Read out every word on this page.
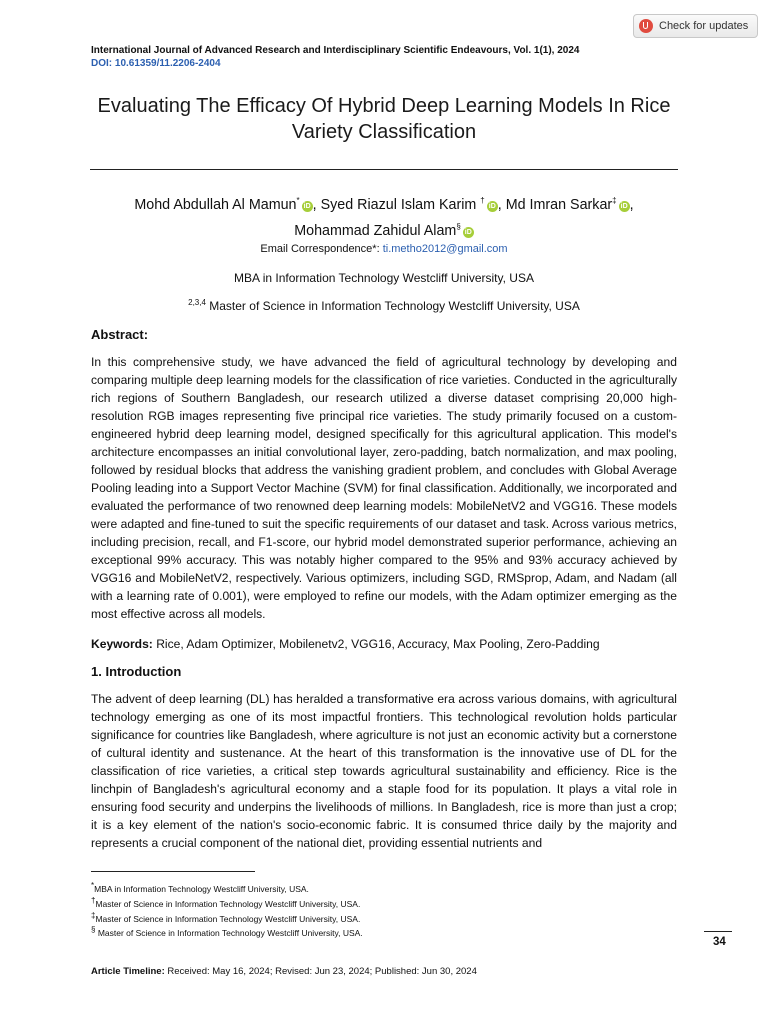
Check for updates
International Journal of Advanced Research and Interdisciplinary Scientific Endeavours, Vol. 1(1), 2024
DOI: 10.61359/11.2206-2404
Evaluating The Efficacy Of Hybrid Deep Learning Models In Rice Variety Classification
Mohd Abdullah Al Mamun*iD , Syed Riazul Islam Karim †iD , Md Imran Sarkar‡iD ,
Mohammad Zahidul Alam§iD
Email Correspondence*: ti.metho2012@gmail.com
MBA in Information Technology Westcliff University, USA
$^{2,3,4}$ Master of Science in Information Technology Westcliff University, USA
Abstract:
In this comprehensive study, we have advanced the field of agricultural technology by developing and comparing multiple deep learning models for the classification of rice varieties. Conducted in the agriculturally rich regions of Southern Bangladesh, our research utilized a diverse dataset comprising 20,000 high-resolution RGB images representing five principal rice varieties. The study primarily focused on a custom-engineered hybrid deep learning model, designed specifically for this agricultural application. This model's architecture encompasses an initial convolutional layer, zero-padding, batch normalization, and max pooling, followed by residual blocks that address the vanishing gradient problem, and concludes with Global Average Pooling leading into a Support Vector Machine (SVM) for final classification. Additionally, we incorporated and evaluated the performance of two renowned deep learning models: MobileNetV2 and VGG16. These models were adapted and fine-tuned to suit the specific requirements of our dataset and task. Across various metrics, including precision, recall, and F1-score, our hybrid model demonstrated superior performance, achieving an exceptional 99% accuracy. This was notably higher compared to the 95% and 93% accuracy achieved by VGG16 and MobileNetV2, respectively. Various optimizers, including SGD, RMSprop, Adam, and Nadam (all with a learning rate of 0.001), were employed to refine our models, with the Adam optimizer emerging as the most effective across all models.
Keywords: Rice, Adam Optimizer, Mobilenetv2, VGG16, Accuracy, Max Pooling, Zero-Padding
1. Introduction
The advent of deep learning (DL) has heralded a transformative era across various domains, with agricultural technology emerging as one of its most impactful frontiers. This technological revolution holds particular significance for countries like Bangladesh, where agriculture is not just an economic activity but a cornerstone of cultural identity and sustenance. At the heart of this transformation is the innovative use of DL for the classification of rice varieties, a critical step towards agricultural sustainability and efficiency. Rice is the linchpin of Bangladesh's agricultural economy and a staple food for its population. It plays a vital role in ensuring food security and underpins the livelihoods of millions. In Bangladesh, rice is more than just a crop; it is a key element of the nation's socio-economic fabric. It is consumed thrice daily by the majority and represents a crucial component of the national diet, providing essential nutrients and
*MBA in Information Technology Westcliff University, USA.
†Master of Science in Information Technology Westcliff University, USA.
‡Master of Science in Information Technology Westcliff University, USA.
§ Master of Science in Information Technology Westcliff University, USA.
34
Article Timeline: Received: May 16, 2024; Revised: Jun 23, 2024; Published: Jun 30, 2024
